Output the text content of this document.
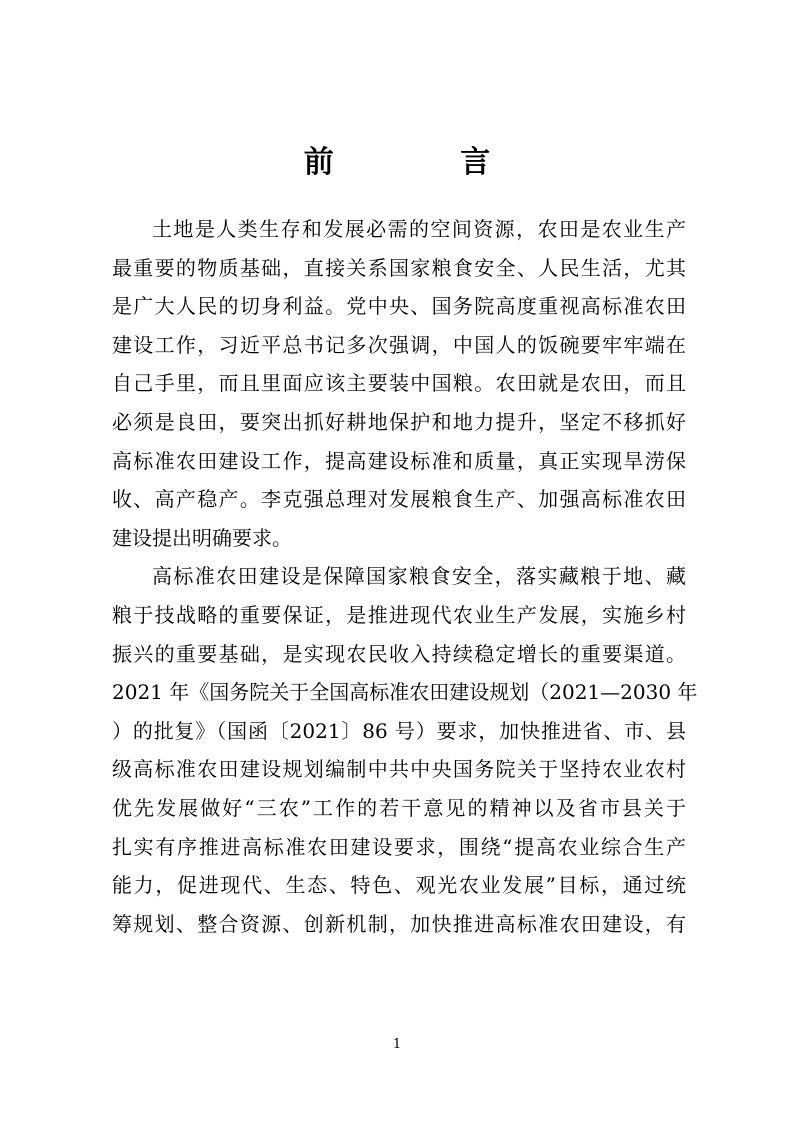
前 言

土地是人类生存和发展必需的空间资源，农田是农业生产
最重要的物质基础，直接关系国家粮食安全、人民生活，尤其
是广大人民的切身利益。党中央、国务院高度重视高标准农田
建设工作，习近平总书记多次强调，中国人的饭碗要牢牢端在
自己手里，而且里面应该主要装中国粮。农田就是农田，而且
必须是良田，要突出抓好耕地保护和地力提升，坚定不移抓好
高标准农田建设工作，提高建设标准和质量，真正实现旱涝保
收、高产稳产。李克强总理对发展粮食生产、加强高标准农田
建设提出明确要求。

高标准农田建设是保障国家粮食安全，落实藏粮于地、藏
粮于技战略的重要保证，是推进现代农业生产发展，实施乡村
振兴的重要基础，是实现农民收入持续稳定增长的重要渠道。
2021 年《国务院关于全国高标准农田建设规划（2021—2030 年
）的批复》（国函〔2021〕86 号）要求，加快推进省、市、县
级高标准农田建设规划编制中共中央国务院关于坚持农业农村
优先发展做好“三农”工作的若干意见的精神以及省市县关于
扎实有序推进高标准农田建设要求，围绕“提高农业综合生产
能力，促进现代、生态、特色、观光农业发展”目标，通过统
筹规划、整合资源、创新机制，加快推进高标准农田建设，有

1
